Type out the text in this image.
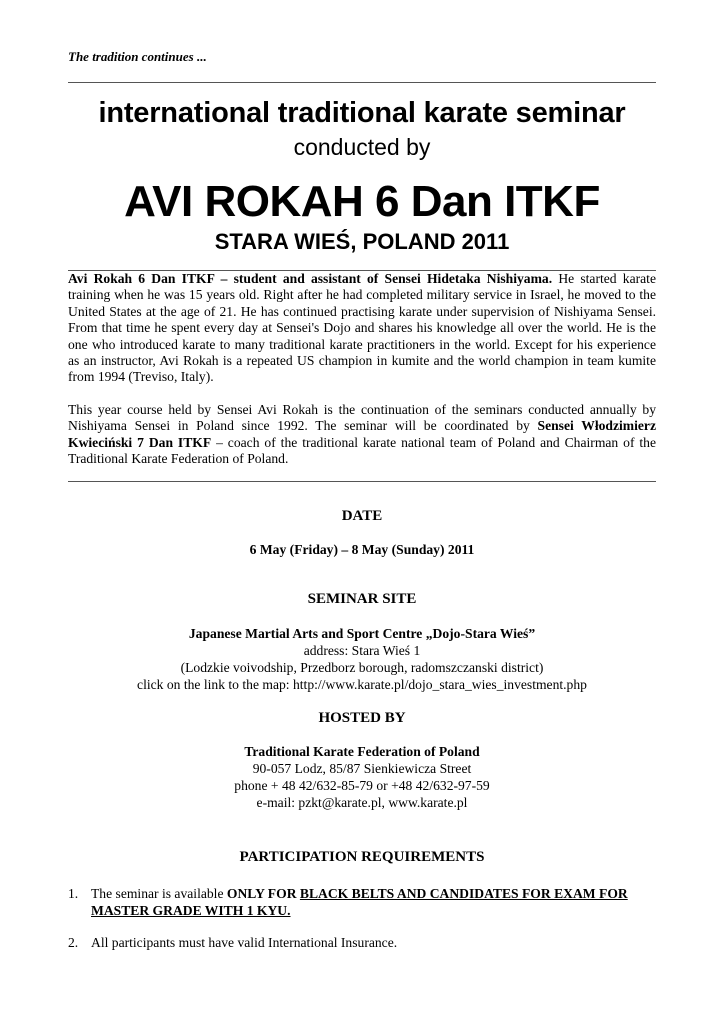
The tradition continues ...
international traditional karate seminar
conducted by
AVI ROKAH 6 Dan ITKF
STARA WIEŚ, POLAND 2011
Avi Rokah 6 Dan ITKF – student and assistant of Sensei Hidetaka Nishiyama. He started karate training when he was 15 years old. Right after he had completed military service in Israel, he moved to the United States at the age of 21. He has continued practising karate under supervision of Nishiyama Sensei. From that time he spent every day at Sensei's Dojo and shares his knowledge all over the world. He is the one who introduced karate to many traditional karate practitioners in the world. Except for his experience as an instructor, Avi Rokah is a repeated US champion in kumite and the world champion in team kumite from 1994 (Treviso, Italy).
This year course held by Sensei Avi Rokah is the continuation of the seminars conducted annually by Nishiyama Sensei in Poland since 1992. The seminar will be coordinated by Sensei Włodzimierz Kwieciński 7 Dan ITKF – coach of the traditional karate national team of Poland and Chairman of the Traditional Karate Federation of Poland.
DATE
6 May (Friday) – 8 May (Sunday) 2011
SEMINAR SITE
Japanese Martial Arts and Sport Centre „Dojo-Stara Wieś”
address: Stara Wieś 1
(Lodzkie voivodship, Przedborz borough, radomszczanski district)
click on the link to the map: http://www.karate.pl/dojo_stara_wies_investment.php
HOSTED BY
Traditional Karate Federation of Poland
90-057 Lodz, 85/87 Sienkiewicza Street
phone + 48 42/632-85-79 or +48 42/632-97-59
e-mail: pzkt@karate.pl, www.karate.pl
PARTICIPATION REQUIREMENTS
1. The seminar is available ONLY FOR BLACK BELTS AND CANDIDATES FOR EXAM FOR MASTER GRADE WITH 1 KYU.
2. All participants must have valid International Insurance.
